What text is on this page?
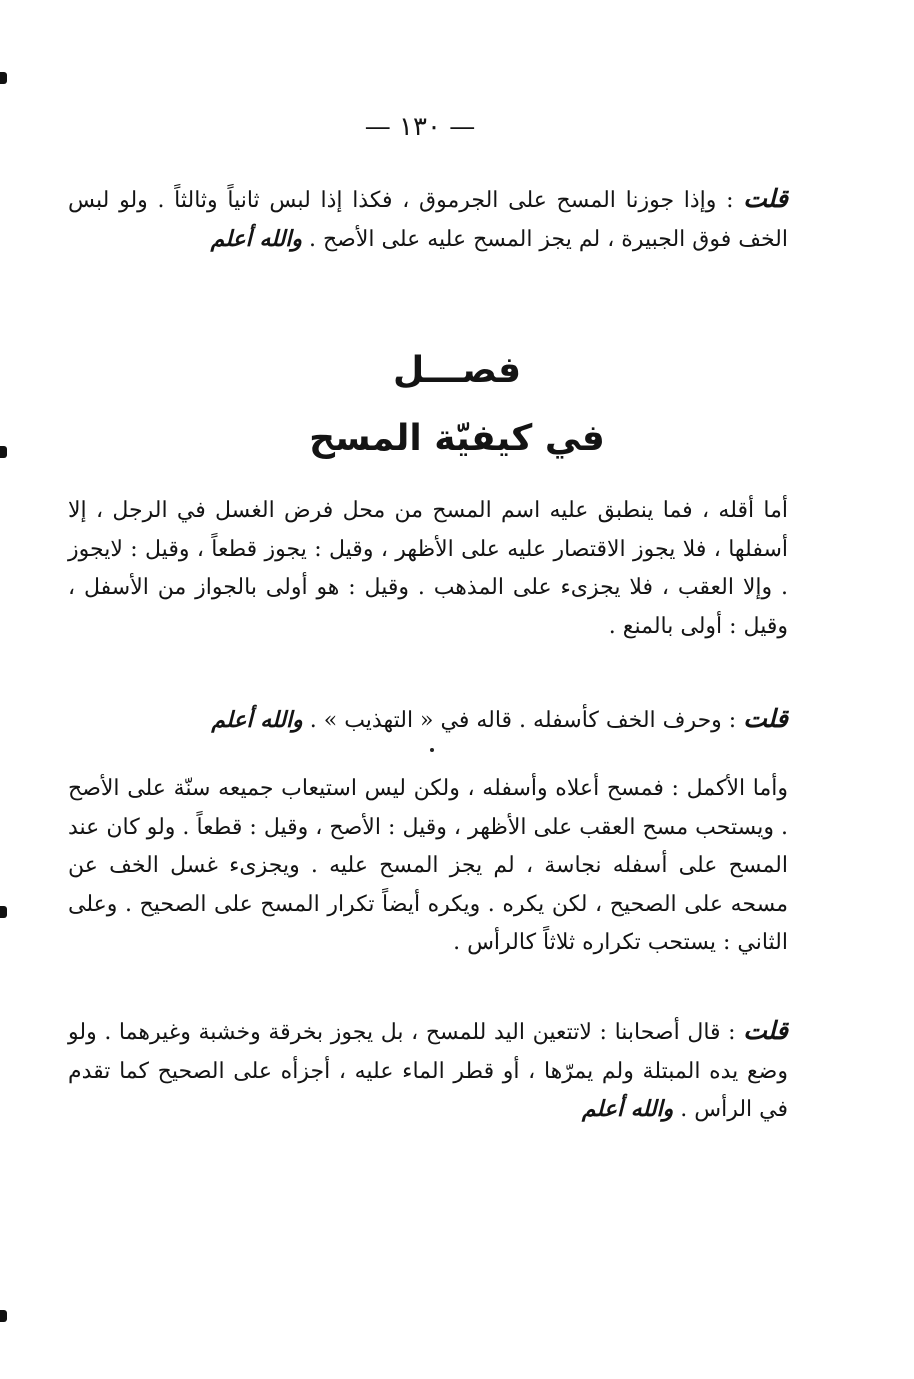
— ١٣٠ —
قلت : وإذا جوزنا المسح على الجرموق ، فكذا إذا لبس ثانياً وثالثاً . ولو لبس الخف فوق الجبيرة ، لم يجز المسح عليه على الأصح . والله أعلم
فصـــل
في كيفيّة المسح
أما أقله ، فما ينطبق عليه اسم المسح من محل فرض الغسل في الرجل ، إلا أسفلها ، فلا يجوز الاقتصار عليه على الأظهر ، وقيل : يجوز قطعاً ، وقيل : لايجوز . وإلا العقب ، فلا يجزىء على المذهب . وقيل : هو أولى بالجواز من الأسفل ، وقيل : أولى بالمنع .
قلت : وحرف الخف كأسفله . قاله في « التهذيب » . والله أعلم
وأما الأكمل : فمسح أعلاه وأسفله ، ولكن ليس استيعاب جميعه سنّة على الأصح . ويستحب مسح العقب على الأظهر ، وقيل : الأصح ، وقيل : قطعاً . ولو كان عند المسح على أسفله نجاسة ، لم يجز المسح عليه . ويجزىء غسل الخف عن مسحه على الصحيح ، لكن يكره . ويكره أيضاً تكرار المسح على الصحيح . وعلى الثاني : يستحب تكراره ثلاثاً كالرأس .
قلت : قال أصحابنا : لاتتعين اليد للمسح ، بل يجوز بخرقة وخشبة وغيرهما . ولو وضع يده المبتلة ولم يمرّها ، أو قطر الماء عليه ، أجزأه على الصحيح كما تقدم في الرأس . والله أعلم
